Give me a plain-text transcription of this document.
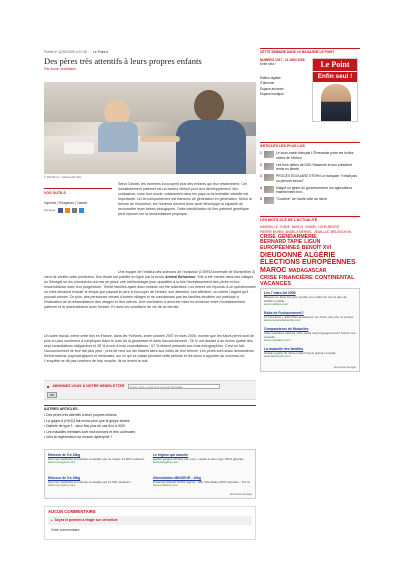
Publié le 11/06/2009 à 02:35 Le Point.fr
Des pères très attentifs à leurs propres enfants
Par Anne Jeanblanc
© DR Sissi L. Yellowed/Corbis
VOS OUTILS
Imprimer | Réagissez | Classer
Partager

Selon Darwin, les hommes s'occupent plus des enfants qui leur ressemblent. Cet investissement paternel est un facteur décisif pour leur développement, leur croissance, voire leur survie, notamment dans les pays où la mortalité infantile est importante. Un tel comportement est transmis de génération en génération. Selon la théorie de l'évolution, les hommes doivent donc avoir développé la capacité de reconnaître leurs bébés biologiques. Cette identification du lien paternel génétique peut reposer sur la ressemblance physique.

Une équipe de l'Institut des sciences de l'évolution (CNRS/Université de Montpellier 2) vient de vérifier cette prédiction. Son étude est publiée en ligne par la revue Animal Behaviour. Elle a été menée dans des villages du Sénégal où les chercheurs ont mis en place une méthodologie pour quantifier à la fois l'investissement des pères et leur ressemblance avec leur progéniture. Trente familles ayant deux enfants ont été sollicitées. Les mères ont répondu à un questionnaire où elles devaient évaluer le temps que passait le père à s'occuper de l'enfant, son attention, son affection, ou même l'argent qu'il pouvait donner. Ce plus, des personnes venant d'autres villages et ne connaissant pas les familles étudiées ont participé à l'évaluation de la ressemblance des visages et des odeurs. Une corrélation a ainsi été mise en évidence entre l'investissement paternel et la ressemblance avec l'enfant. Et donc les conditions de vie de ce dernier.

Un autre travail, mené cette fois en France, dans les Yvelines, entre octobre 2007 et mars 2008, montre que les futurs pères sont de plus en plus nombreux à s'impliquer dans le suivi de la grossesse et dans l'accouchement : 26 % ont assisté à au moins quatre des sept consultations obligatoires et 28 % à une à trois consultations ; 67 % étaient présents aux trois échographies. C'est en fait, l'accouchement ne leur fait plus peur : près de neuf sur dix étaient alors aux côtés de leur femme. Les pères sont aussi demandeurs d'informations, psychologiques et médicales, sur ce qui se passe pendant cette période et les soins à apporter au nouveau-né. L'enquête ne dit pas combien de fois, ensuite, ils se lèvent la nuit.

■ ABONNEZ-VOUS À NOTRE NEWSLETTER
Entrez votre e-mail pour recevoir l'actualité
OK
AUTRES ARTICLES
• Des pères très attentifs à leurs propres enfants
• La grippe A (H1N1) fait moins peur que la grippe aviaire
• Diabète de type 1 : deux fois plus de cas d'ici à 2020
• Les maladies mentales sont mal connues et très coûteuses
• Vers la régénération de muscle dystrophié ?
Minceur de 5 à 15kg
avec les méthodes et produits conseillés par un-réputé 14.000 médecins
www.un-regime.com
Le régime qui marche
perdez jusqu'à 10 kilos par mois • rapide & sans rejet 100% garantie
www.leregime.com
Minceur de 5 à 15kg
avec les méthodes et produits conseillés par 14.000 médecins
www.un-regime.com
Alimentation MINCEUR - 10kg
Protéines Ragoût SANS régime - 99€ ! Résultats 100% Garantis - Voir ici
www.proteine.com
Annonces Google
AUCUN COMMENTAIRE
▸ Soyez le premier à réagir sur cet article
Votre commentaire
CETTE SEMAINE DANS LE MAGAZINE LE POINT
NUMÉRO 1917 - 11 JUIN 2009
Enfin seul !
Edition digitale
S'abonner
Espace abonnés
Espace boutique
Le Point
Enfin seul !
ARTICLES LES PLUS LUS
1	Le sous-marin français L'Émeraude porte les boîtes noires de l'Airbus
2	Les trois dettes de DSK Rassemé et son président remis en liberté
3	PROCÈS EDOUARD STERN Le banquier "n'était pas un pervers sexuel"
4	Malgré un geste du gouvernement, les agriculteurs maintiennent leur...
5	"Coraline" de l'autre côté du miroir
LES MOTS-CLÉ DE L'ACTUALITÉ
MARSEILLE CHINE BANCO DANIEL COHN-BENDITPIERRE MORIN ANGELA MERKEL JEAN-LUC MÉLENCHONCRISE GENDARMERIEBERNARD TAPIE LIGUNEUROPÉENNES BENOÎT XVIDIEUDONNÉ ALGÉRIEÉLECTIONS EUROPÉENNESMAROC MADAGASCARCRISE FINANCIÈRE CONTINENTALVACANCES
Les 7 stars Ad 2009
Bloquez en ligne l'ici pour prédire vos enfant de mer le taux de fertilité mortelle
www.mahijou.com
Robe de Fuchscrement?
17 Fonctions + 200 offres améliorées. Un choix, dès prix, le service.
www.couturedemeuble.com
Comparateurs de Mutuelles
Vous souhaitez calculer votre mode d'accompagnement? Suivez nos conseils.
www.mutuelles.com
La mutuelle des familles
Gratuit à partir du 3ème enfant! Devis gratuit et rapide.
www.familymut.com
Annonces Google
